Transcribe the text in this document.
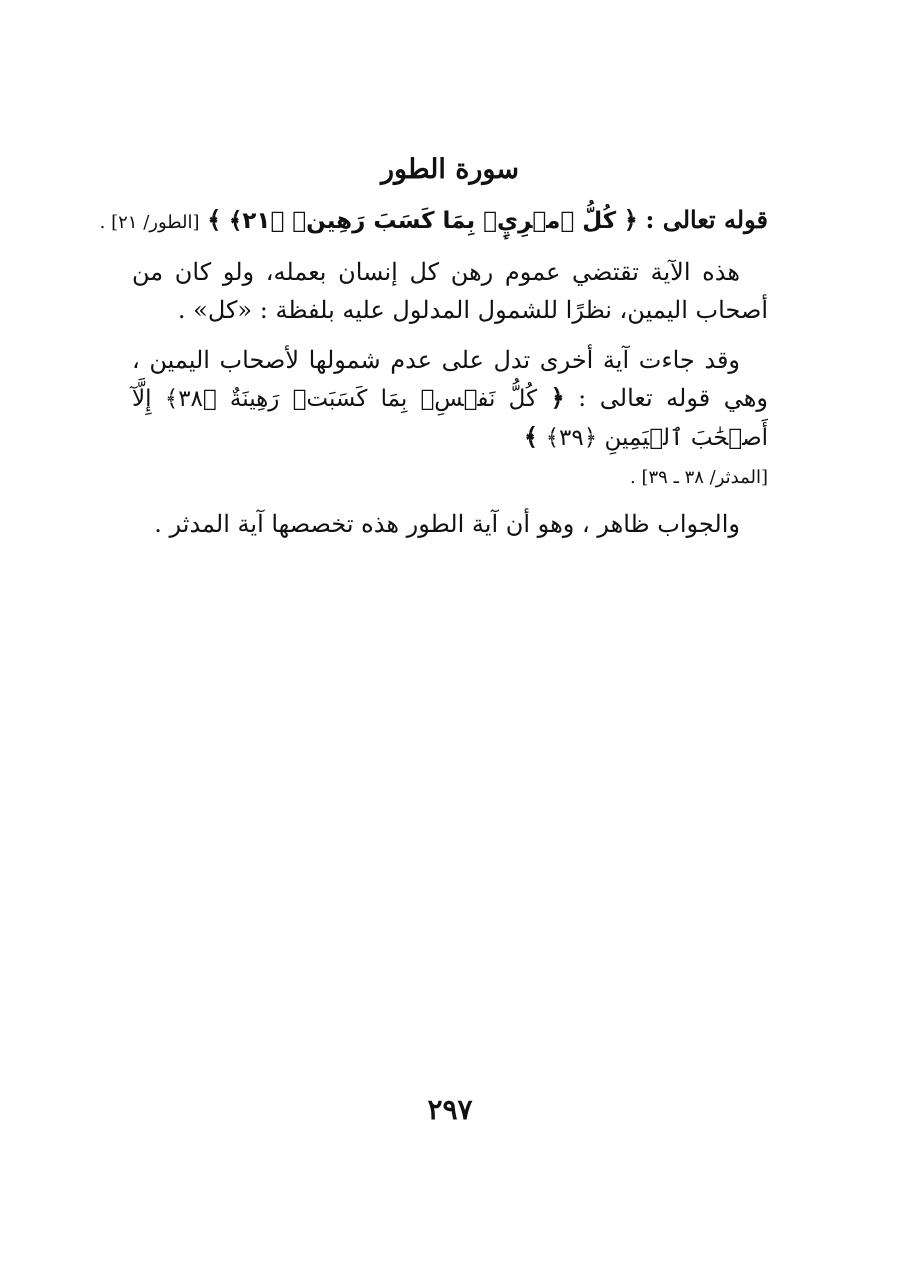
سورة الطور
قوله تعالى : ﴿ كُلُّ ٱمۡرِيِٕۭ بِمَا كَسَبَ رَهِينٞ ﴿٢١﴾ ﴾ [الطور/ ٢١] .

هذه الآية تقتضي عموم رهن كل إنسان بعمله، ولو كان من أصحاب اليمين، نظرًا للشمول المدلول عليه بلفظة : «كل» .

وقد جاءت آية أخرى تدل على عدم شمولها لأصحاب اليمين ، وهي قوله تعالى : ﴿ كُلُّ نَفۡسِۭ بِمَا كَسَبَتۡ رَهِينَةٌ ﴿٣٨﴾ إِلَّآ أَصۡحَٰبَ ٱلۡيَمِينِ ﴿٣٩﴾ ﴾

[المدثر/ ٣٨ ـ ٣٩] .

والجواب ظاهر ، وهو أن آية الطور هذه تخصصها آية المدثر .

٢٩٧
